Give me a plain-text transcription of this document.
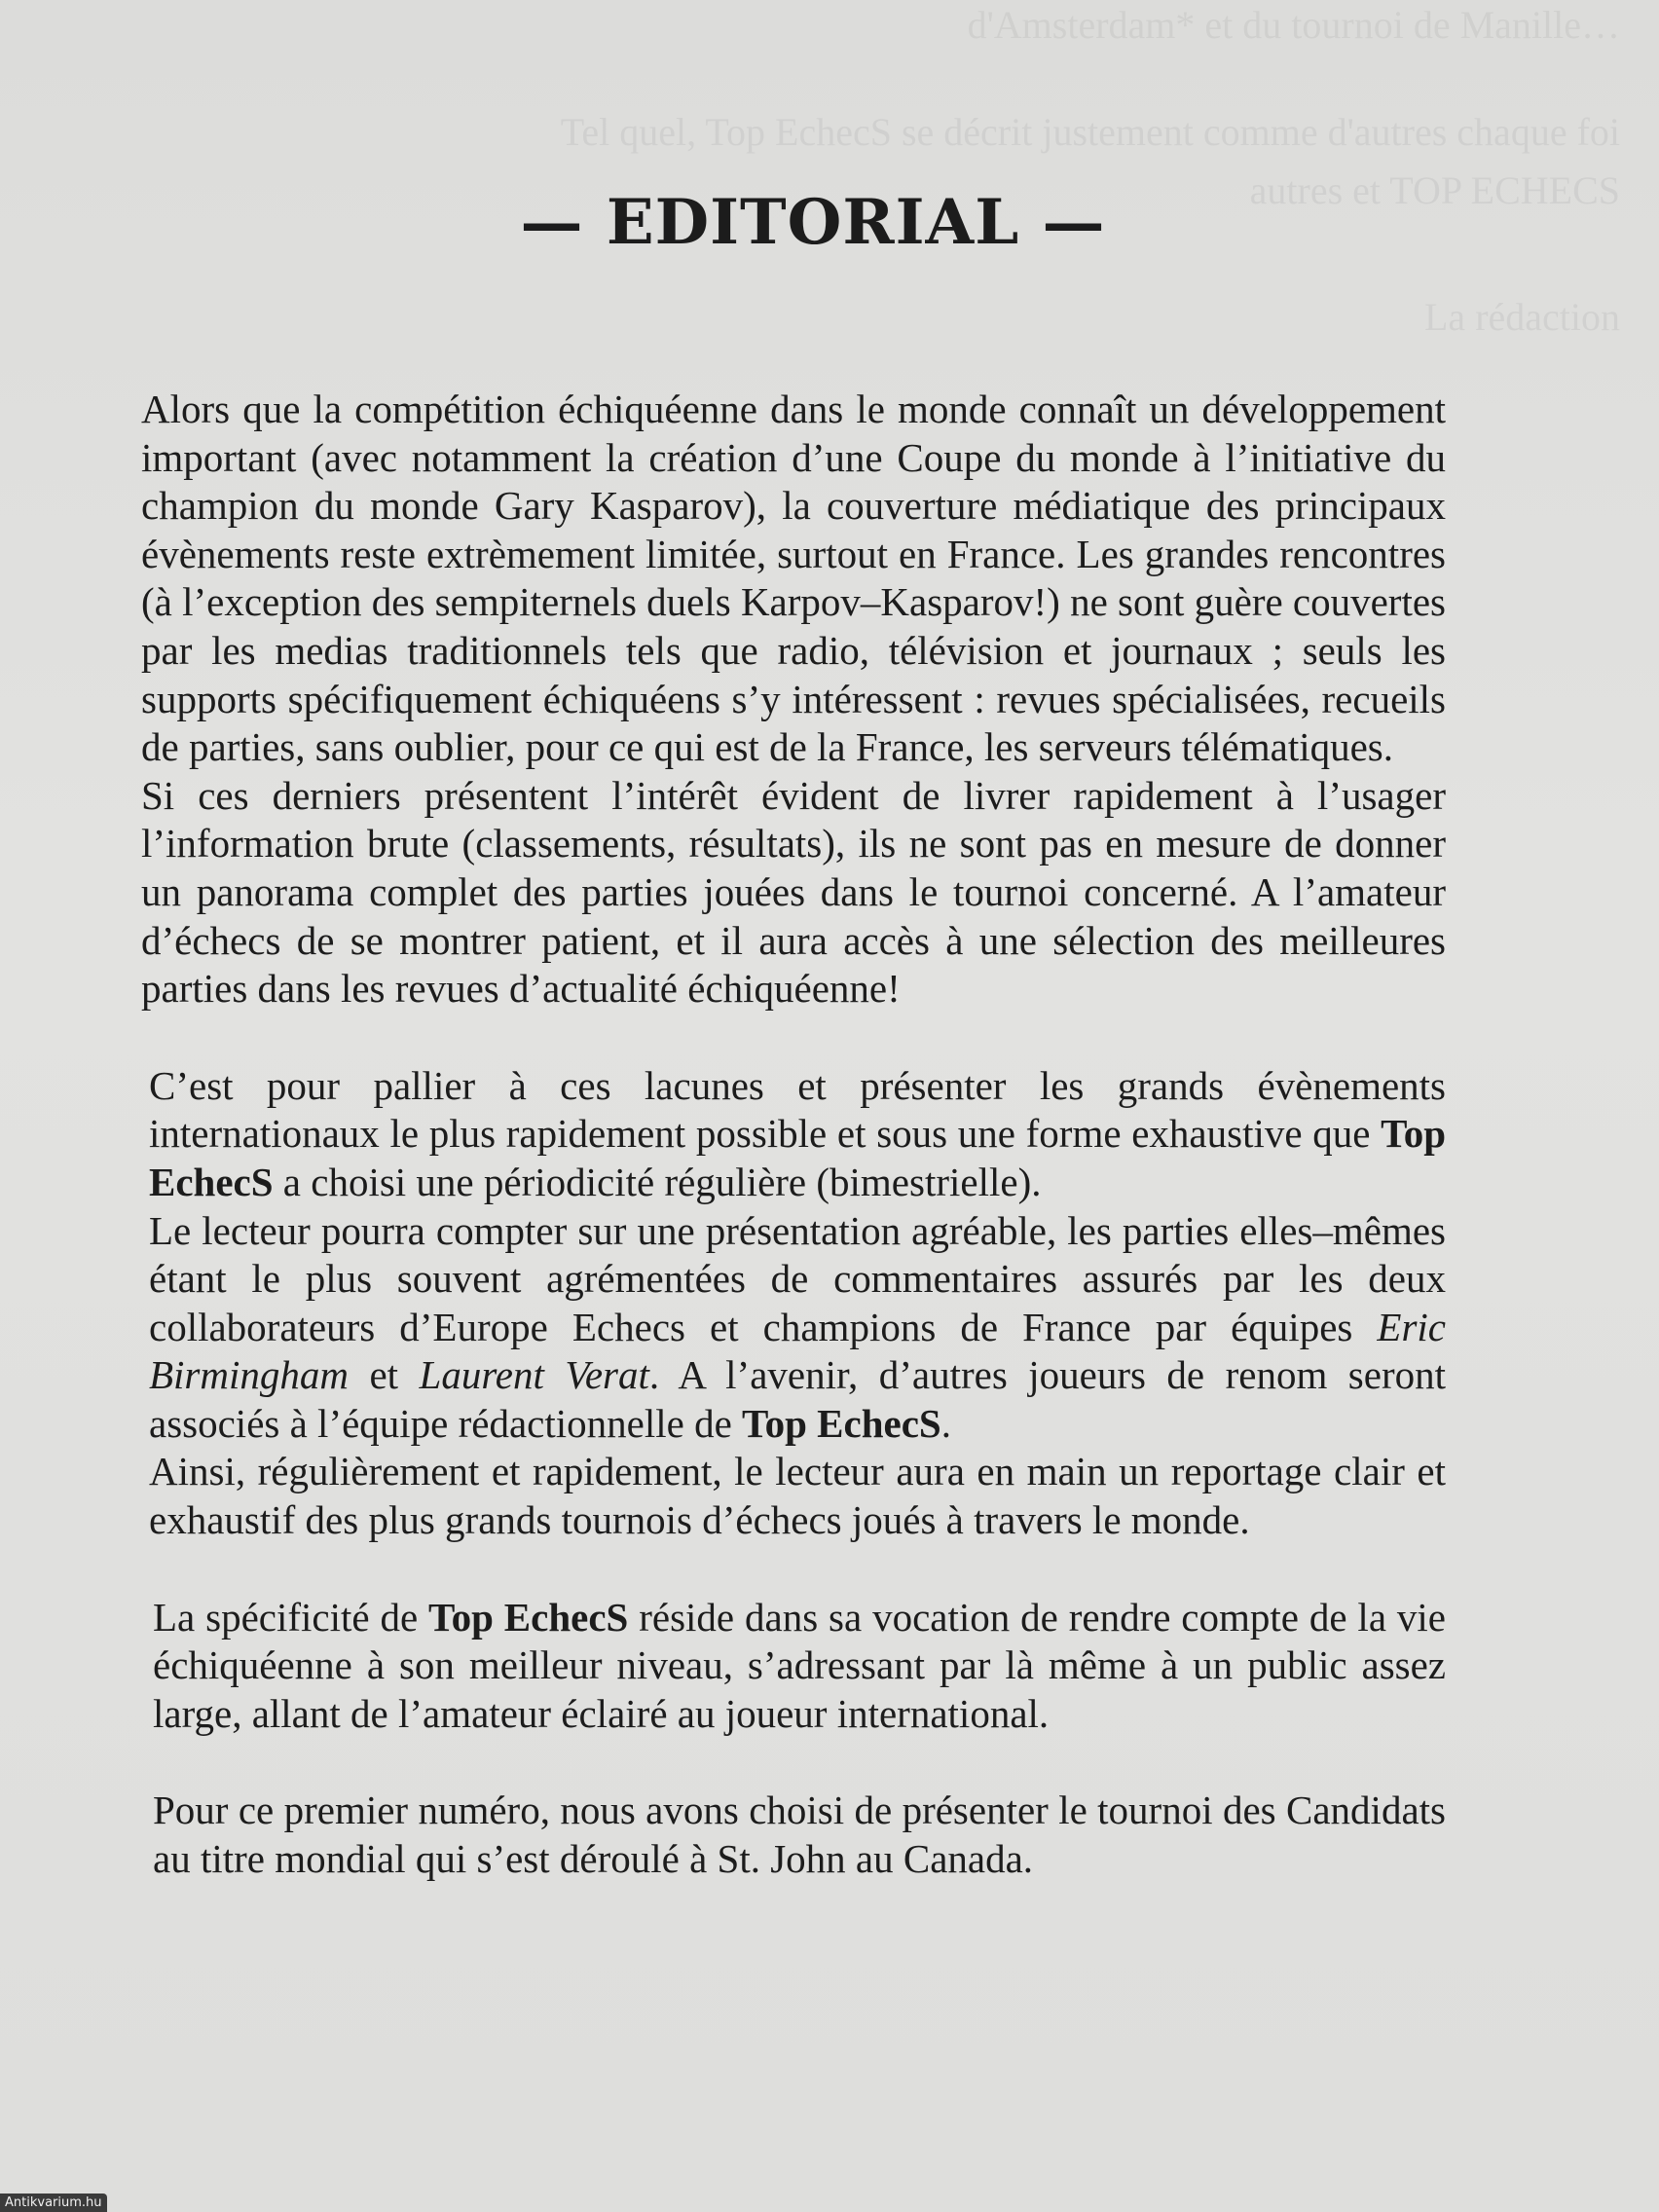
d'Amsterdam* et du tournoi de Manille…
Tel quel, Top EchecS se décrit justement comme d'autres chaque foi
autres et TOP ECHECS
La rédaction
— EDITORIAL —

Alors que la compétition échiquéenne dans le monde connaît un développement important (avec notamment la création d’une Coupe du monde à l’initiative du champion du monde Gary Kasparov), la couverture médiatique des principaux évènements reste extrèmement limitée, surtout en France. Les grandes rencontres (à l’exception des sempiternels duels Karpov–Kasparov!) ne sont guère couvertes par les medias traditionnels tels que radio, télévision et journaux ; seuls les supports spécifiquement échiquéens s’y intéressent : revues spécialisées, recueils de parties, sans oublier, pour ce qui est de la France, les serveurs télématiques.

Si ces derniers présentent l’intérêt évident de livrer rapidement à l’usager l’information brute (classements, résultats), ils ne sont pas en mesure de donner un panorama complet des parties jouées dans le tournoi concerné. A l’amateur d’échecs de se montrer patient, et il aura accès à une sélection des meilleures parties dans les revues d’actualité échiquéenne!

C’est pour pallier à ces lacunes et présenter les grands évènements internationaux le plus rapidement possible et sous une forme exhaustive que Top EchecS a choisi une périodicité régulière (bimestrielle).

Le lecteur pourra compter sur une présentation agréable, les parties elles–mêmes étant le plus souvent agrémentées de commentaires assurés par les deux collaborateurs d’Europe Echecs et champions de France par équipes Eric Birmingham et Laurent Verat. A l’avenir, d’autres joueurs de renom seront associés à l’équipe rédactionnelle de Top EchecS.

Ainsi, régulièrement et rapidement, le lecteur aura en main un reportage clair et exhaustif des plus grands tournois d’échecs joués à travers le monde.

La spécificité de Top EchecS réside dans sa vocation de rendre compte de la vie échiquéenne à son meilleur niveau, s’adressant par là même à un public assez large, allant de l’amateur éclairé au joueur international.

Pour ce premier numéro, nous avons choisi de présenter le tournoi des Candidats au titre mondial qui s’est déroulé à St. John au Canada.

Antikvarium.hu
